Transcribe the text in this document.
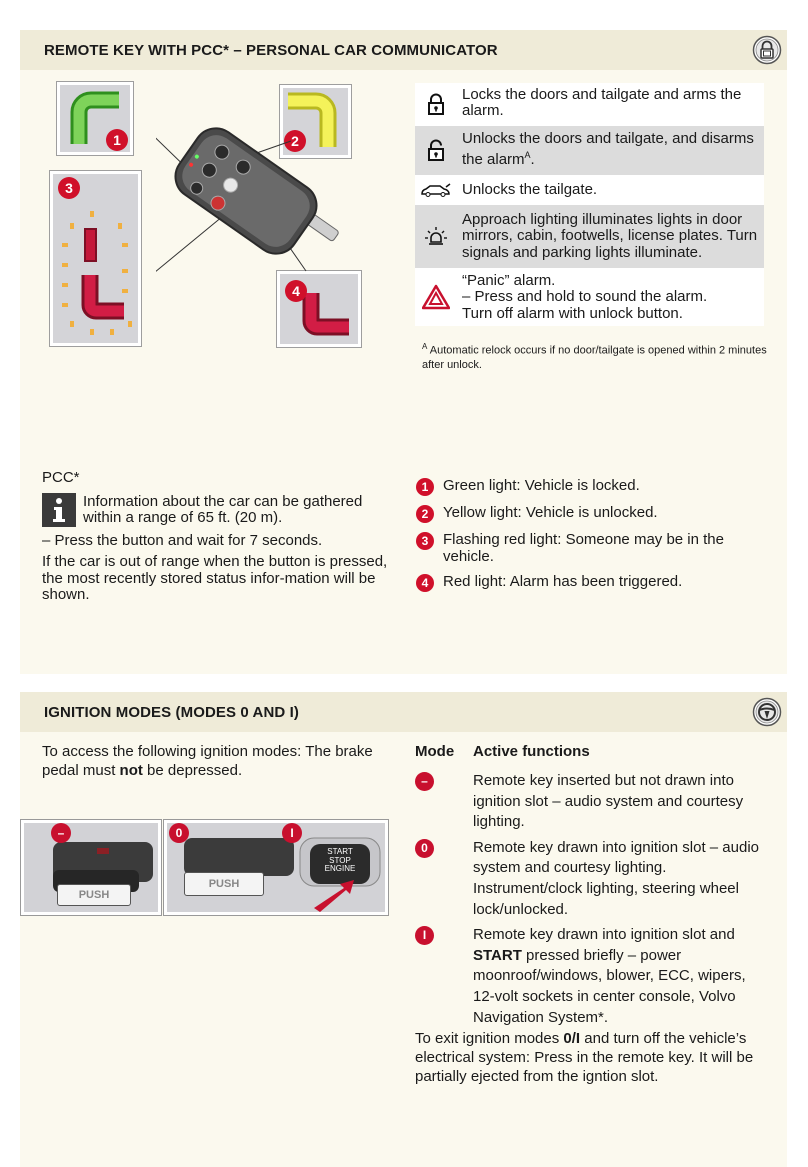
REMOTE KEY WITH PCC* – PERSONAL CAR COMMUNICATOR
1	2
3
4
Locks the doors and tailgate and arms the alarm.
Unlocks the doors and tailgate, and disarms the alarm$^A$.
Unlocks the tailgate.
Approach lighting illuminates lights in door mirrors, cabin, footwells, license plates. Turn signals and parking lights illuminate.
“Panic” alarm.
– Press and hold to sound the alarm.
Turn off alarm with unlock button.
$^A$ Automatic relock occurs if no door/tailgate is opened within 2 minutes after unlock.
PCC*
Information about the car can be gathered within a range of 65 ft. (20 m).
– Press the button and wait for 7 seconds.
If the car is out of range when the button is pressed, the most recently stored status infor-mation will be shown.
1 Green light: Vehicle is locked.
2 Yellow light: Vehicle is unlocked.
3 Flashing red light: Someone may be in the vehicle.
4 Red light: Alarm has been triggered.
IGNITION MODES (MODES 0 AND I)
To access the following ignition modes: The brake pedal must not be depressed.
PUSH
–
PUSH
START
STOP
ENGINE
0	I
Mode	Active functions
–	Remote key inserted but not drawn into ignition slot – audio system and courtesy lighting.
0	Remote key drawn into ignition slot – audio system and courtesy lighting. Instrument/clock lighting, steering wheel lock/unlocked.
I	Remote key drawn into ignition slot and START pressed briefly – power moonroof/windows, blower, ECC, wipers, 12-volt sockets in center console, Volvo Navigation System*.
To exit ignition modes 0/I and turn off the vehicle’s electrical system: Press in the remote key. It will be partially ejected from the igntion slot.
